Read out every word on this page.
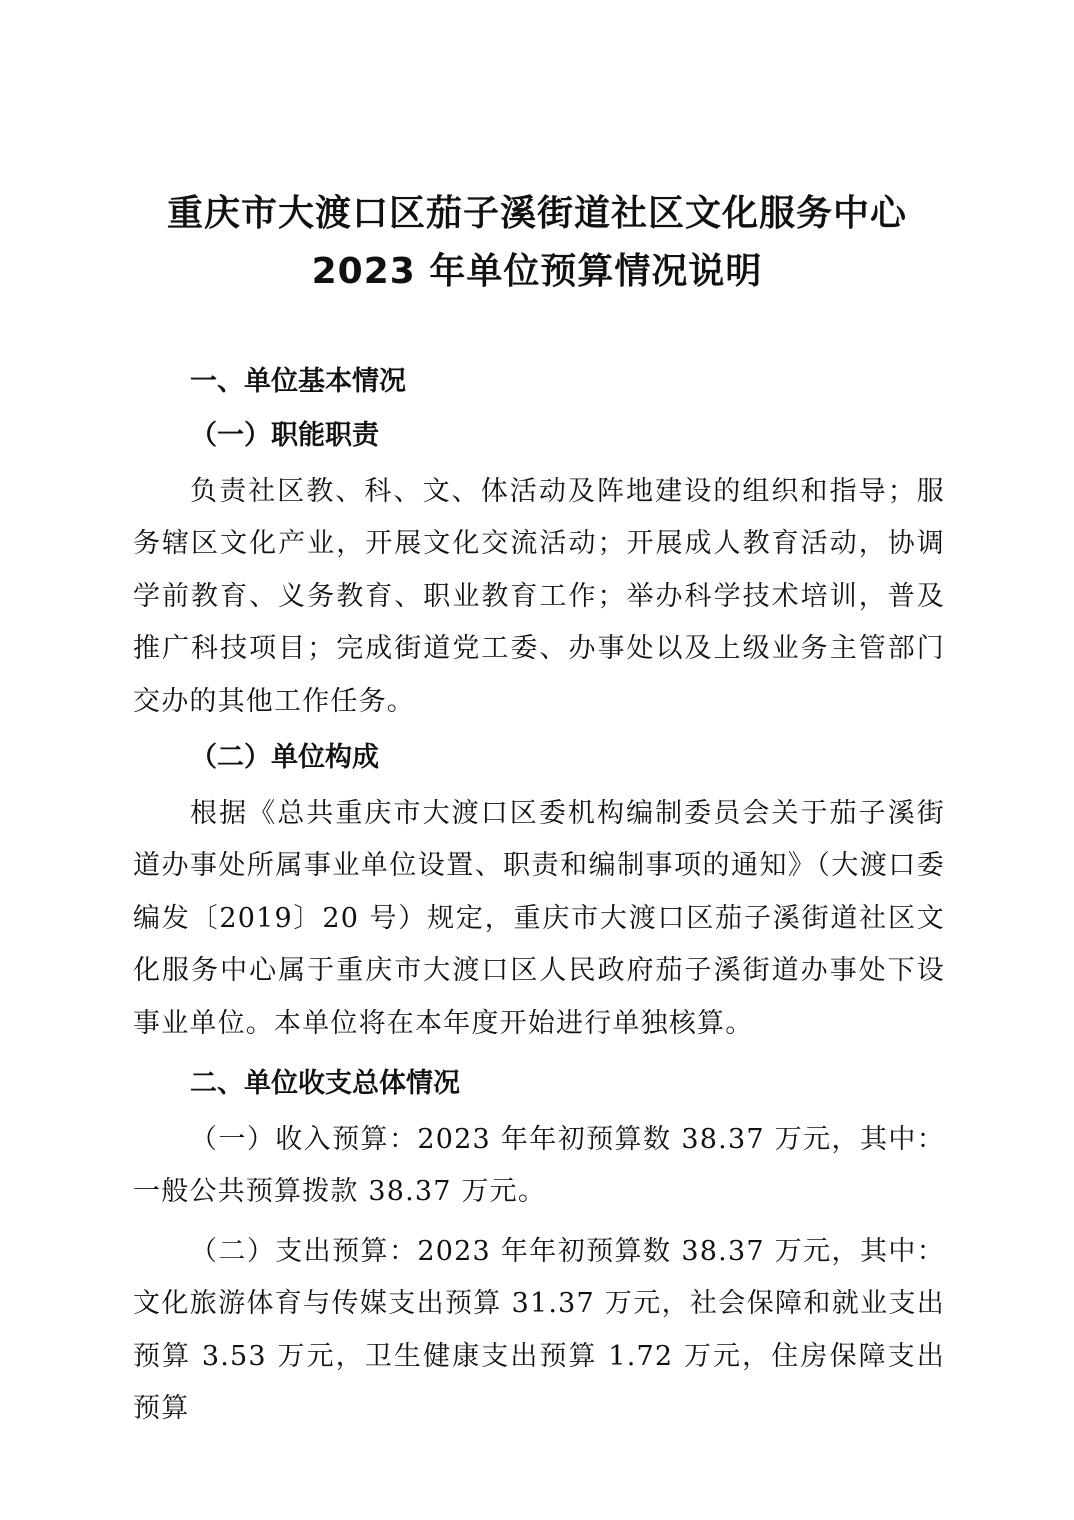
重庆市大渡口区茄子溪街道社区文化服务中心
2023 年单位预算情况说明
一、单位基本情况
（一）职能职责

负责社区教、科、文、体活动及阵地建设的组织和指导；服务辖区文化产业，开展文化交流活动；开展成人教育活动，协调学前教育、义务教育、职业教育工作；举办科学技术培训，普及推广科技项目；完成街道党工委、办事处以及上级业务主管部门交办的其他工作任务。

（二）单位构成

根据《总共重庆市大渡口区委机构编制委员会关于茄子溪街道办事处所属事业单位设置、职责和编制事项的通知》（大渡口委编发〔2019〕20 号）规定，重庆市大渡口区茄子溪街道社区文化服务中心属于重庆市大渡口区人民政府茄子溪街道办事处下设事业单位。本单位将在本年度开始进行单独核算。

二、单位收支总体情况

（一）收入预算：2023 年年初预算数 38.37 万元，其中：一般公共预算拨款 38.37 万元。

（二）支出预算：2023 年年初预算数 38.37 万元，其中：文化旅游体育与传媒支出预算 31.37 万元，社会保障和就业支出预算 3.53 万元，卫生健康支出预算 1.72 万元，住房保障支出预算
